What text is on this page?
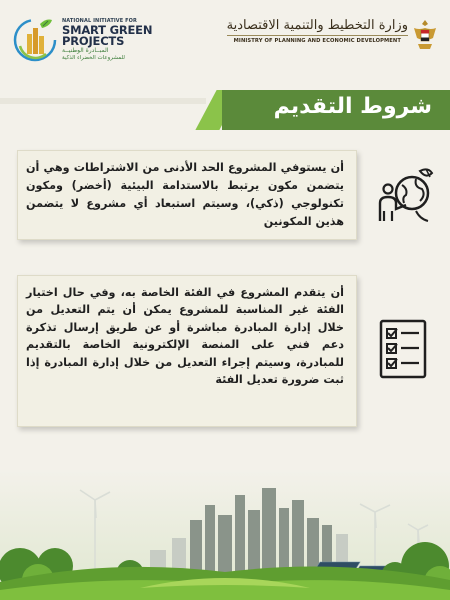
NATIONAL INITIATIVE FOR
SMART GREEN
PROJECTS
المبــادرة الوطنيــة
للمشروعات الخضراء الذكية
وزارة التخطيط والتنمية الاقتصادية
MINISTRY OF PLANNING AND ECONOMIC DEVELOPMENT
شروط التقديم
أن يستوفي المشروع الحد الأدنى من الاشتراطات وهي أن يتضمن مكون يرتبط بالاستدامة البيئية (أخضر) ومكون تكنولوجي (ذكي)، وسيتم استبعاد أي مشروع لا يتضمن هذين المكونين
أن يتقدم المشروع في الفئة الخاصة به، وفي حال اختيار الفئة غير المناسبة للمشروع يمكن أن يتم التعديل من خلال إدارة المبادرة مباشرة أو عن طريق إرسال تذكرة دعم فني على المنصة الإلكترونية الخاصة بالتقديم للمبادرة، وسيتم إجراء التعديل من خلال إدارة المبادرة إذا ثبت ضرورة تعديل الفئة
